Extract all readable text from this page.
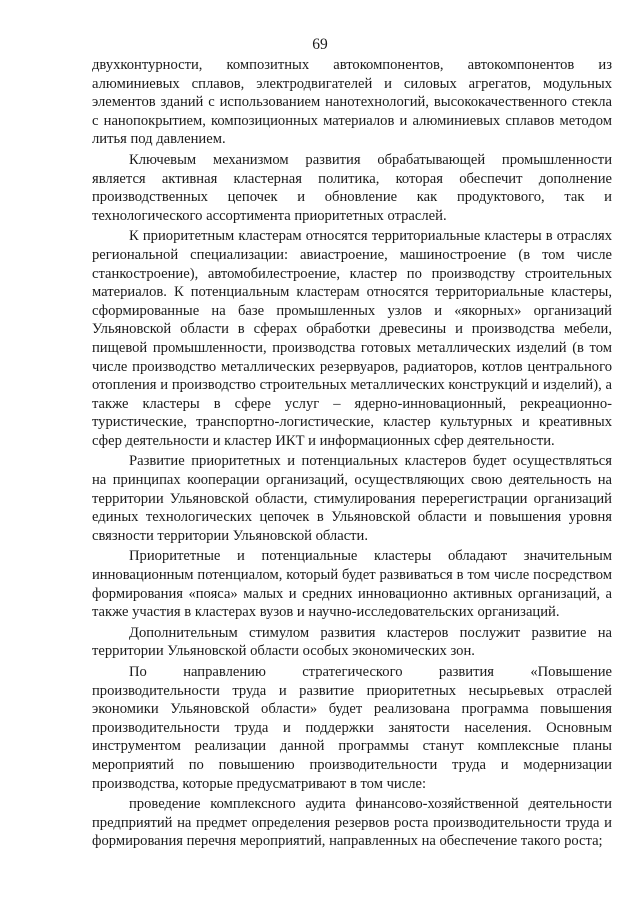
69

двухконтурности, композитных автокомпонентов, автокомпонентов из алюминиевых сплавов, электродвигателей и силовых агрегатов, модульных элементов зданий с использованием нанотехнологий, высококачественного стекла с нанопокрытием, композиционных материалов и алюминиевых сплавов методом литья под давлением.

Ключевым механизмом развития обрабатывающей промышленности является активная кластерная политика, которая обеспечит дополнение производственных цепочек и обновление как продуктового, так и технологического ассортимента приоритетных отраслей.

К приоритетным кластерам относятся территориальные кластеры в отраслях региональной специализации: авиастроение, машиностроение (в том числе станкостроение), автомобилестроение, кластер по производству строительных материалов. К потенциальным кластерам относятся территориальные кластеры, сформированные на базе промышленных узлов и «якорных» организаций Ульяновской области в сферах обработки древесины и производства мебели, пищевой промышленности, производства готовых металлических изделий (в том числе производство металлических резервуаров, радиаторов, котлов центрального отопления и производство строительных металлических конструкций и изделий), а также кластеры в сфере услуг – ядерно-инновационный, рекреационно-туристические, транспортно-логистические, кластер культурных и креативных сфер деятельности и кластер ИКТ и информационных сфер деятельности.

Развитие приоритетных и потенциальных кластеров будет осуществляться на принципах кооперации организаций, осуществляющих свою деятельность на территории Ульяновской области, стимулирования перерегистрации организаций единых технологических цепочек в Ульяновской области и повышения уровня связности территории Ульяновской области.

Приоритетные и потенциальные кластеры обладают значительным инновационным потенциалом, который будет развиваться в том числе посредством формирования «пояса» малых и средних инновационно активных организаций, а также участия в кластерах вузов и научно-исследовательских организаций.

Дополнительным стимулом развития кластеров послужит развитие на территории Ульяновской области особых экономических зон.

По направлению стратегического развития «Повышение производительности труда и развитие приоритетных несырьевых отраслей экономики Ульяновской области» будет реализована программа повышения производительности труда и поддержки занятости населения. Основным инструментом реализации данной программы станут комплексные планы мероприятий по повышению производительности труда и модернизации производства, которые предусматривают в том числе:

проведение комплексного аудита финансово-хозяйственной деятельности предприятий на предмет определения резервов роста производительности труда и формирования перечня мероприятий, направленных на обеспечение такого роста;
